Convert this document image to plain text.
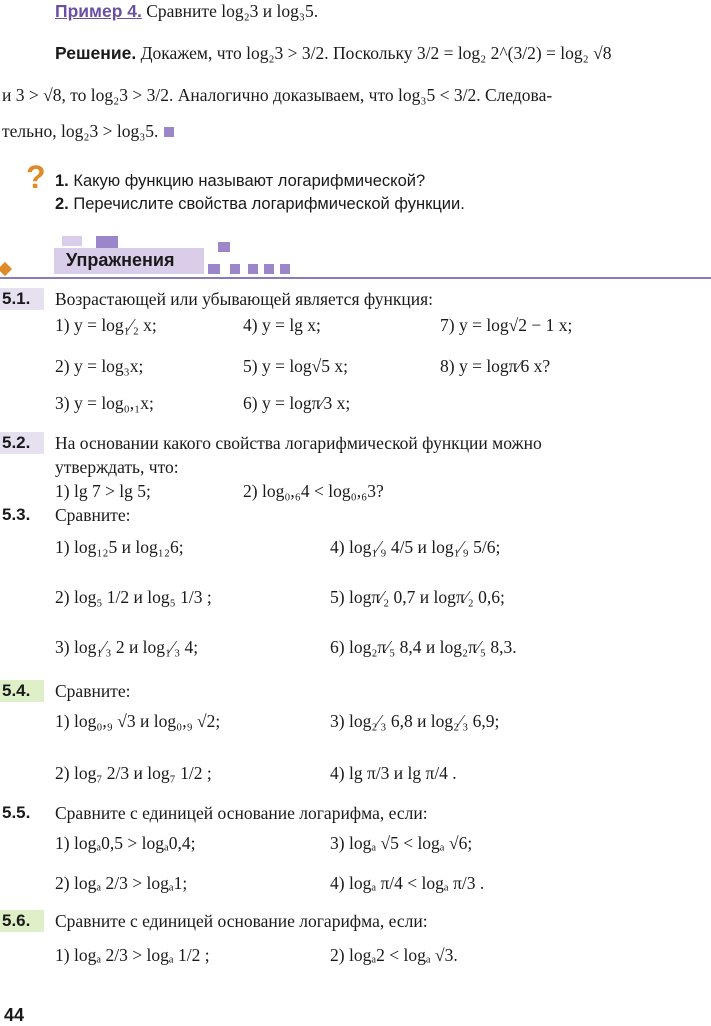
Пример 4. Сравните log₂3 и log₃5.
Решение. Докажем, что log₂3 > 3/2. Поскольку 3/2 = log₂ 2^(3/2) = log₂ √8
и 3 > √8, то log₂3 > 3/2. Аналогично доказываем, что log₃5 < 3/2. Следова-
тельно, log₂3 > log₃5.
? 1. Какую функцию называют логарифмической?
2. Перечислите свойства логарифмической функции.
Упражнения
5.1.	Возрастающей или убывающей является функция:
1) y = log₁⁄₂ x;	4) y = lg x;	7) y = log√2 − 1 x;
2) y = log₃x;	5) y = log√5 x;	8) y = logπ⁄6 x?
3) y = log₀,₁x;	6) y = logπ⁄3 x;
5.2.	На основании какого свойства логарифмической функции можно
утверждать, что:
1) lg 7 > lg 5;	2) log₀,₆4 < log₀,₆3?
5.3.	Сравните:
1) log₁₂5 и log₁₂6;	4) log₁⁄₉ 4/5 и log₁⁄₉ 5/6;
2) log₅ 1/2 и log₅ 1/3 ;	5) logπ⁄₂ 0,7 и logπ⁄₂ 0,6;
3) log₁⁄₃ 2 и log₁⁄₃ 4;	6) log₂π⁄₅ 8,4 и log₂π⁄₅ 8,3.
5.4.	Сравните:
1) log₀,₉ √3 и log₀,₉ √2;	3) log₂⁄₃ 6,8 и log₂⁄₃ 6,9;
2) log₇ 2/3 и log₇ 1/2 ;	4) lg π/3 и lg π/4 .
5.5.	Сравните с единицей основание логарифма, если:
1) logₐ0,5 > logₐ0,4;	3) logₐ √5 < logₐ √6;
2) logₐ 2/3 > logₐ1;	4) logₐ π/4 < logₐ π/3 .
5.6.	Сравните с единицей основание логарифма, если:
1) logₐ 2/3 > logₐ 1/2 ;	2) logₐ2 < logₐ √3.
44
